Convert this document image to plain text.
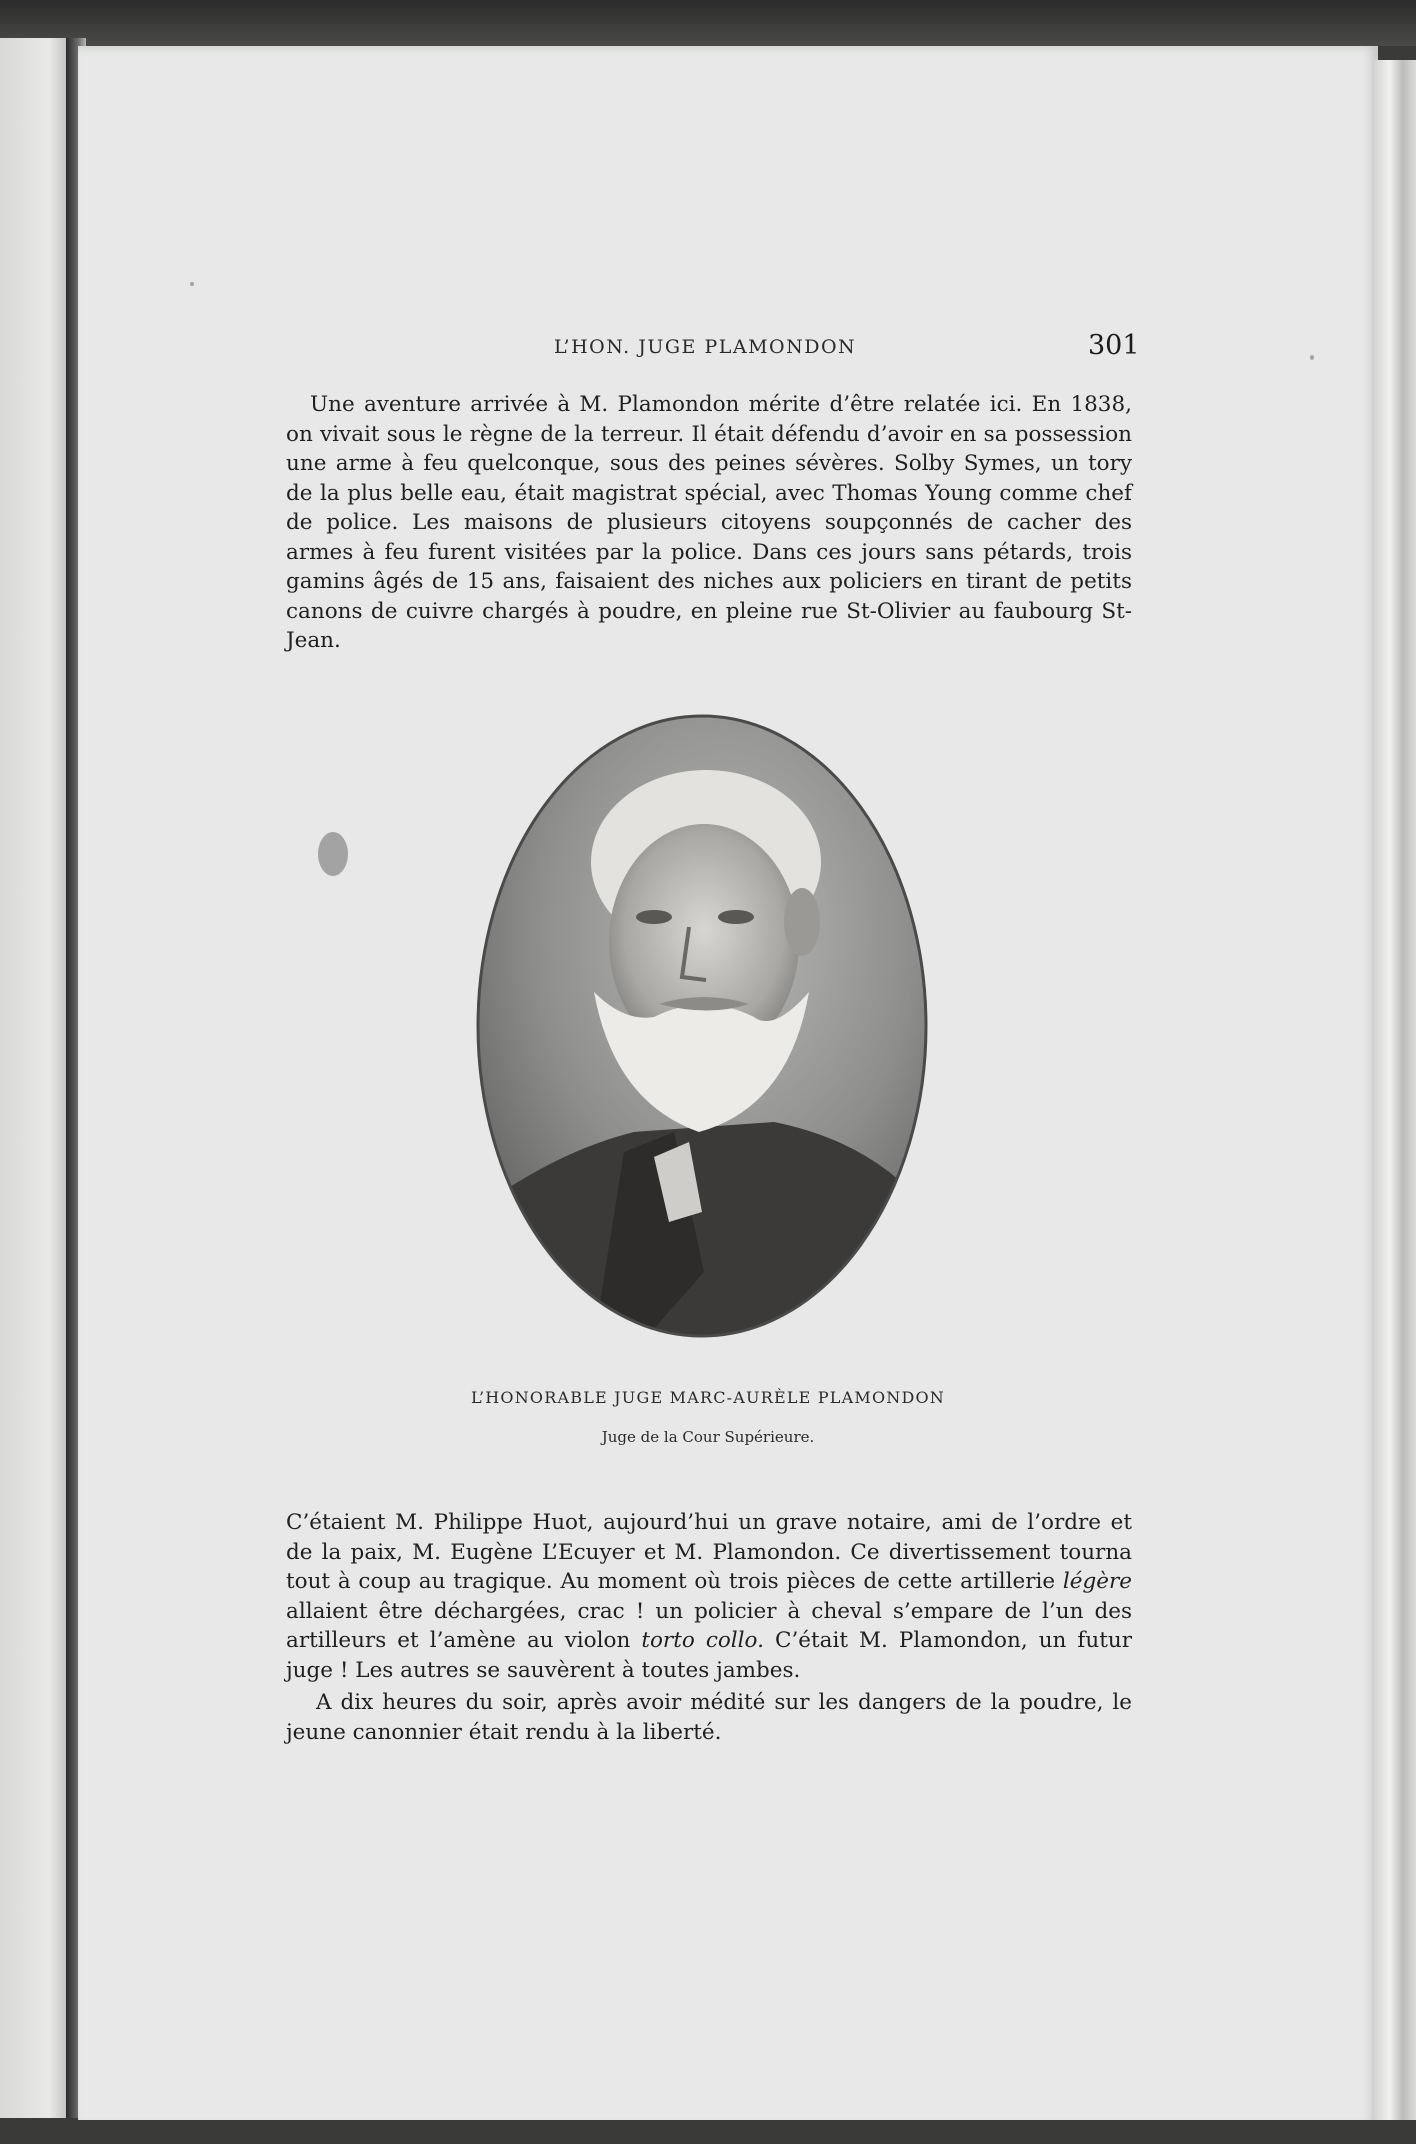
L’HON. JUGE PLAMONDON	301
Une aventure arrivée à M. Plamondon mérite d’être relatée ici. En 1838, on vivait sous le règne de la terreur. Il était défendu d’avoir en sa possession une arme à feu quelconque, sous des peines sévères. Solby Symes, un tory de la plus belle eau, était magistrat spécial, avec Thomas Young comme chef de police. Les maisons de plusieurs citoyens soupçonnés de cacher des armes à feu furent visitées par la police. Dans ces jours sans pétards, trois gamins âgés de 15 ans, faisaient des niches aux policiers en tirant de petits canons de cuivre chargés à poudre, en pleine rue St-Olivier au faubourg St-Jean.
L’HONORABLE JUGE MARC-AURÈLE PLAMONDON
Juge de la Cour Supérieure.
C’étaient M. Philippe Huot, aujourd’hui un grave notaire, ami de l’ordre et de la paix, M. Eugène L’Ecuyer et M. Plamondon. Ce divertissement tourna tout à coup au tragique. Au moment où trois pièces de cette artillerie légère allaient être déchargées, crac ! un policier à cheval s’empare de l’un des artilleurs et l’amène au violon torto collo. C’était M. Plamondon, un futur juge ! Les autres se sauvèrent à toutes jambes.
A dix heures du soir, après avoir médité sur les dangers de la poudre, le jeune canonnier était rendu à la liberté.
